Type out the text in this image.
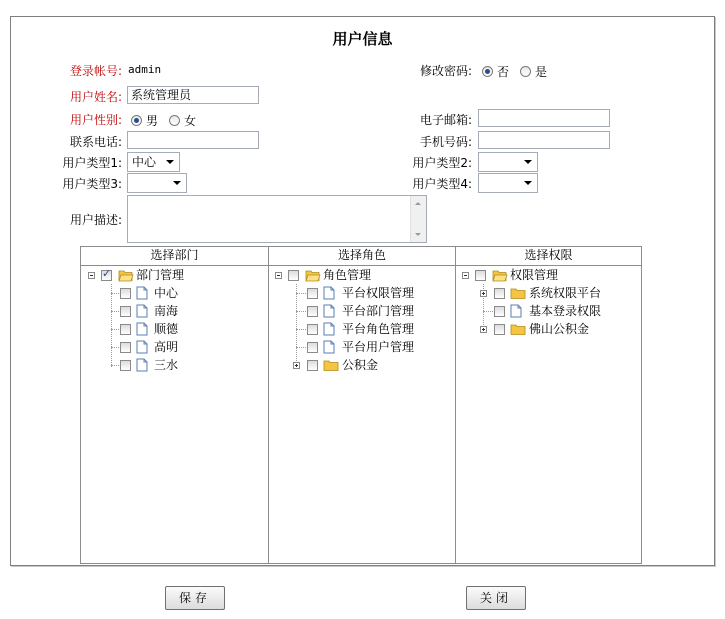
用户信息
登录帐号: admin	修改密码: 否 是
用户姓名: 系统管理员
用户性别: 男 女	电子邮箱:
联系电话:	手机号码:
用户类型1: 中心	用户类型2:
用户类型3:	用户类型4:
用户描述:
选择部门
✓
部门管理
中心
南海
顺德
高明
三水
选择角色
角色管理
平台权限管理
平台部门管理
平台角色管理
平台用户管理
公积金
选择权限
权限管理
系统权限平台
基本登录权限
佛山公积金
保存	关闭
